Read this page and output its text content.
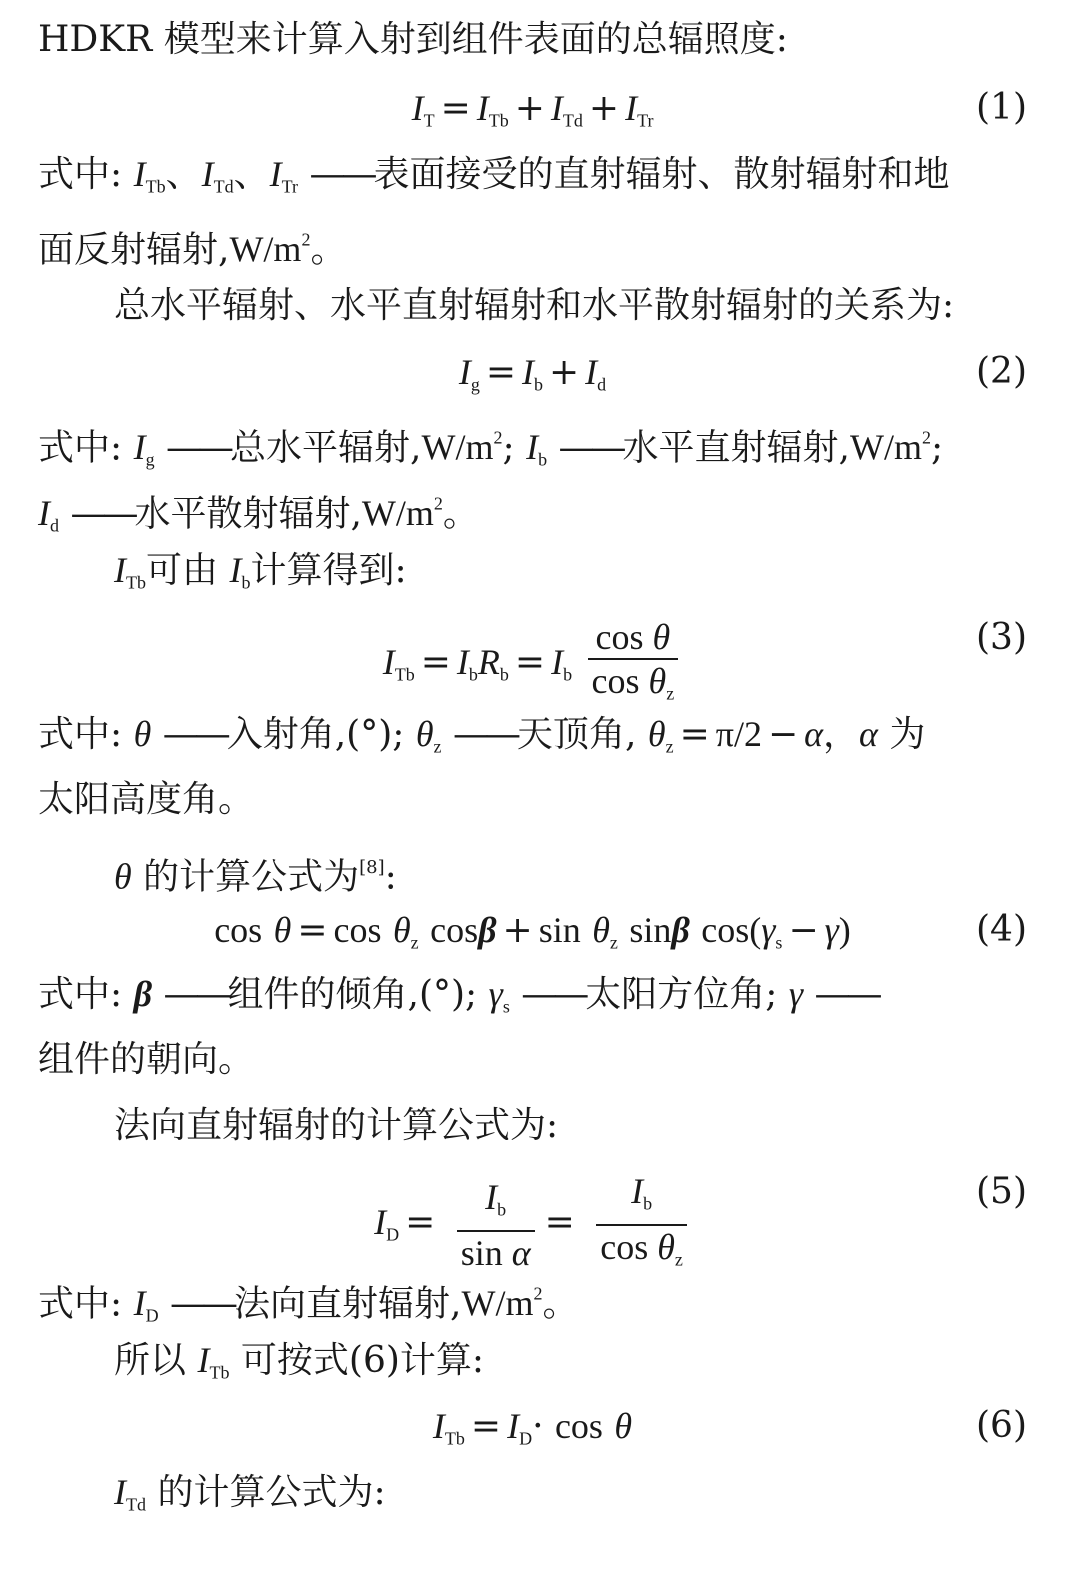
HDKR 模型来计算入射到组件表面的总辐照度:
$I_T = I_{Tb} + I_{Td} + I_{Tr}$	(1)
式中: $I_{Tb}$、$I_{Td}$、$I_{Tr}$ ——表面接受的直射辐射、散射辐射和地
面反射辐射$,W/m^2$。
总水平辐射、水平直射辐射和水平散射辐射的关系为:
$I_g = I_b + I_d$	(2)
式中: $I_g$ ——总水平辐射$,W/m^2$; $I_b$ ——水平直射辐射$,W/m^2$;
$I_d$ ——水平散射辐射$,W/m^2$。
$I_{Tb}$可由 $I_b$计算得到:
$I_{Tb} = I_bR_b = I_b \frac{\text{cos θ}}{\cos \theta_z}$	(3)
式中: θ ——入射角,(°); $\theta_z$ ——天顶角, $\theta_z = \pi/2 - \alpha$，α 为
太阳高度角。
θ 的计算公式为[8]:
$\cos \theta = \cos \theta_z$ $\cos\beta + \sin \theta_z$ sinβ $\cos(\gamma_s - \gamma)$	(4)
式中: β ——组件的倾角,(°); $\gamma_s$ ——太阳方位角; γ ——
组件的朝向。
法向直射辐射的计算公式为:
$I_D = \frac{I_b}{\text{sin α}} = \frac{I_b}{\cos \theta_z}$	(5)
式中: $I_D$ ——法向直射辐射$,W/m^2$。
所以 $I_{Tb}$ 可按式(6)计算:
$I_{Tb} = I_D\cdot \cos \theta$	(6)
$I_{Td}$ 的计算公式为:
